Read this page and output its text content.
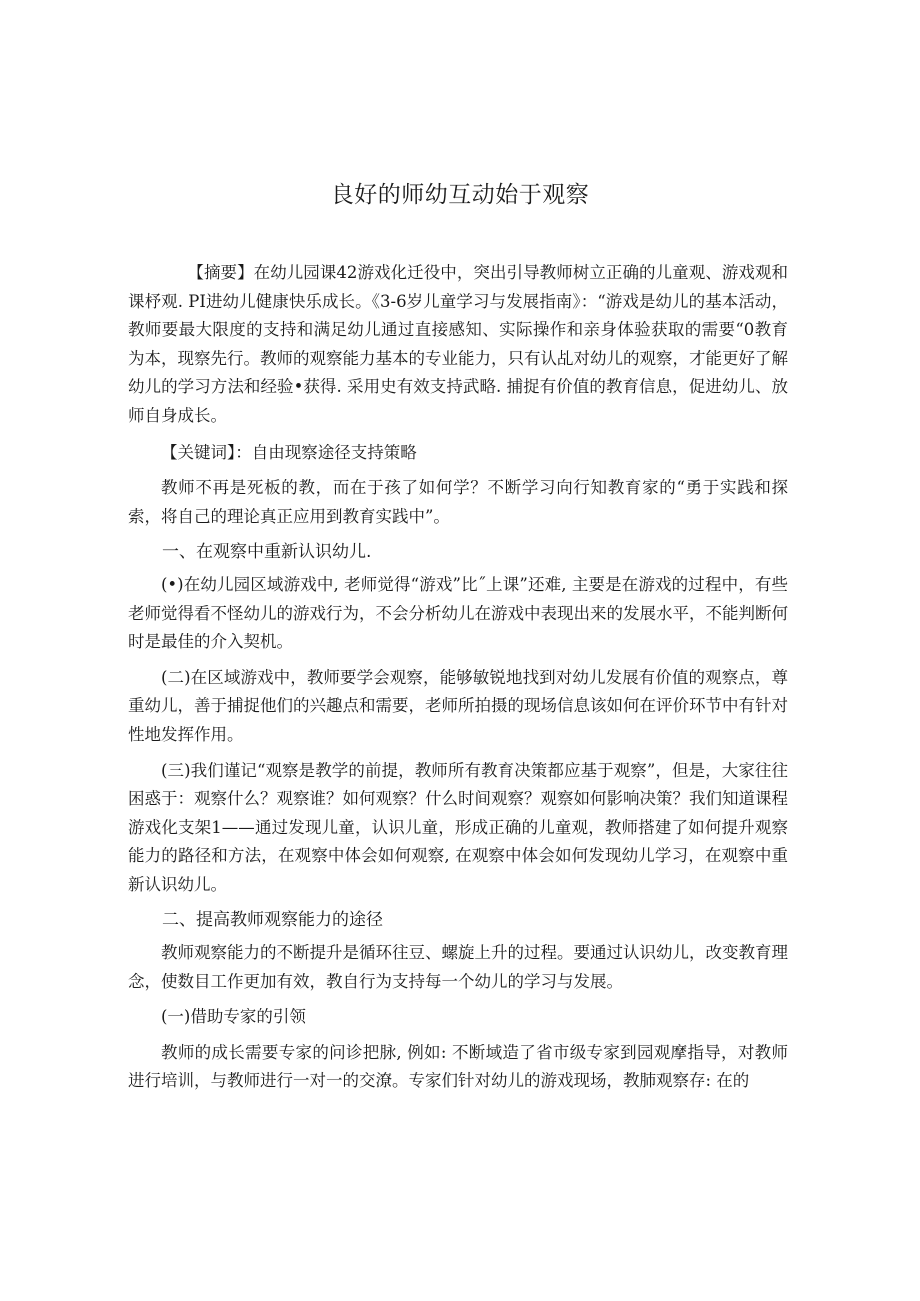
良好的师幼互动始于观察

【摘要】在幼儿园课42游戏化迁役中，突出引导教师树立正确的儿童观、游戏观和课杼观. PI进幼儿健康快乐成长。《3-6岁儿童学习与发展指南》：“游戏是幼儿的基本活动，教师要最大限度的支持和满足幼儿通过直接感知、实际操作和亲身体验获取的需要“0教育为本，现察先行。教师的观察能力基本的专业能力，只有认乩对幼儿的观察，才能更好了解幼儿的学习方法和经验•获得. 采用史有效支持武略. 捕捉有价值的教育信息，促进幼儿、放师自身成长。

【关键词】：自由现察途径支持策略

教师不再是死板的教，而在于孩了如何学？不断学习向行知教育家的“勇于实践和探索，将自己的理论真正应用到教育实践中”。

一、在观察中重新认识幼儿.

(•)在幼儿园区域游戏中, 老师觉得“游戏”比˝上课”还难, 主要是在游戏的过程中，有些老师觉得看不怪幼儿的游戏行为，不会分析幼儿在游戏中表现出来的发展水平，不能判断何时是最佳的介入契机。

(二)在区域游戏中，教师要学会观察，能够敏锐地找到对幼儿发展有价值的观察点，尊重幼儿，善于捕捉他们的兴趣点和需要，老师所拍摄的现场信息该如何在评价环节中有针对性地发挥作用。

(三)我们谨记“观察是教学的前提，教师所有教育决策都应基于观察”，但是，大家往往困惑于：观察什么？观察谁？如何观察？什么时间观察？观察如何影响决策？我们知道课程游戏化支架1——通过发现儿童，认识儿童，形成正确的儿童观，教师搭建了如何提升观察能力的路径和方法，在观察中体会如何观察, 在观察中体会如何发现幼儿学习，在观察中重新认识幼儿。

二、提高教师观察能力的途径

教师观察能力的不断提升是循环往豆、螺旋上升的过程。要通过认识幼儿，改变教育理念，使数目工作更加有效，教自行为支持每一个幼儿的学习与发展。

(一)借助专家的引领

教师的成长需要专家的问诊把脉, 例如: 不断域造了省市级专家到园观摩指导，对教师进行培训，与教师进行一对一的交潦。专家们针对幼儿的游戏现场，教肺观察存: 在的
